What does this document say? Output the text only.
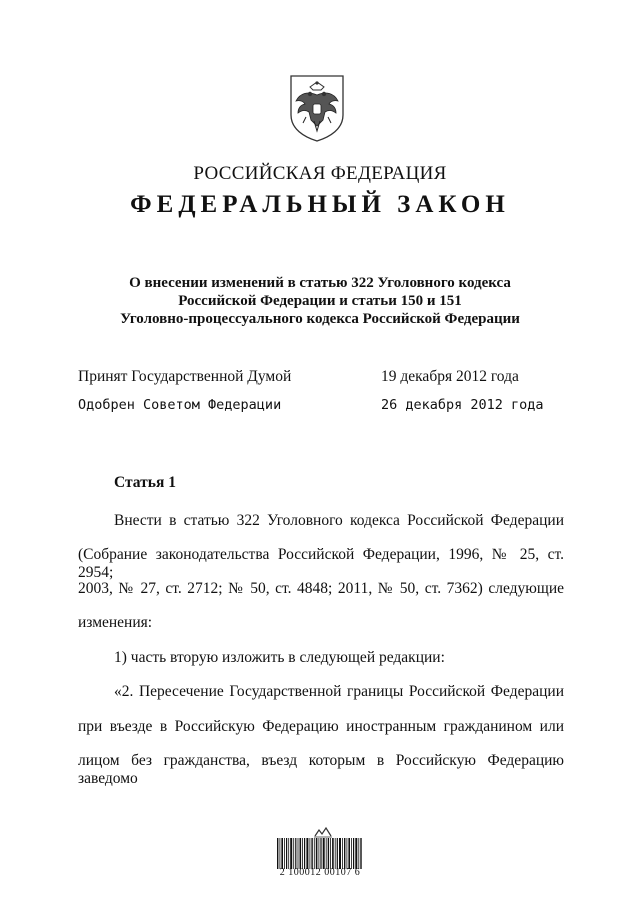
РОССИЙСКАЯ ФЕДЕРАЦИЯ
ФЕДЕРАЛЬНЫЙ ЗАКОН
О внесении изменений в статью 322 Уголовного кодекса
Российской Федерации и статьи 150 и 151
Уголовно-процессуального кодекса Российской Федерации
Принят Государственной Думой	19 декабря 2012 года
Одобрен Советом Федерации	26 декабря 2012 года
Статья 1
Внести в статью 322 Уголовного кодекса Российской Федерации
(Собрание законодательства Российской Федерации, 1996, № 25, ст. 2954;
2003, № 27, ст. 2712; № 50, ст. 4848; 2011, № 50, ст. 7362) следующие
изменения:
1) часть вторую изложить в следующей редакции:
«2. Пересечение Государственной границы Российской Федерации
при въезде в Российскую Федерацию иностранным гражданином или
лицом без гражданства, въезд которым в Российскую Федерацию заведомо
2 100012 00107 6
